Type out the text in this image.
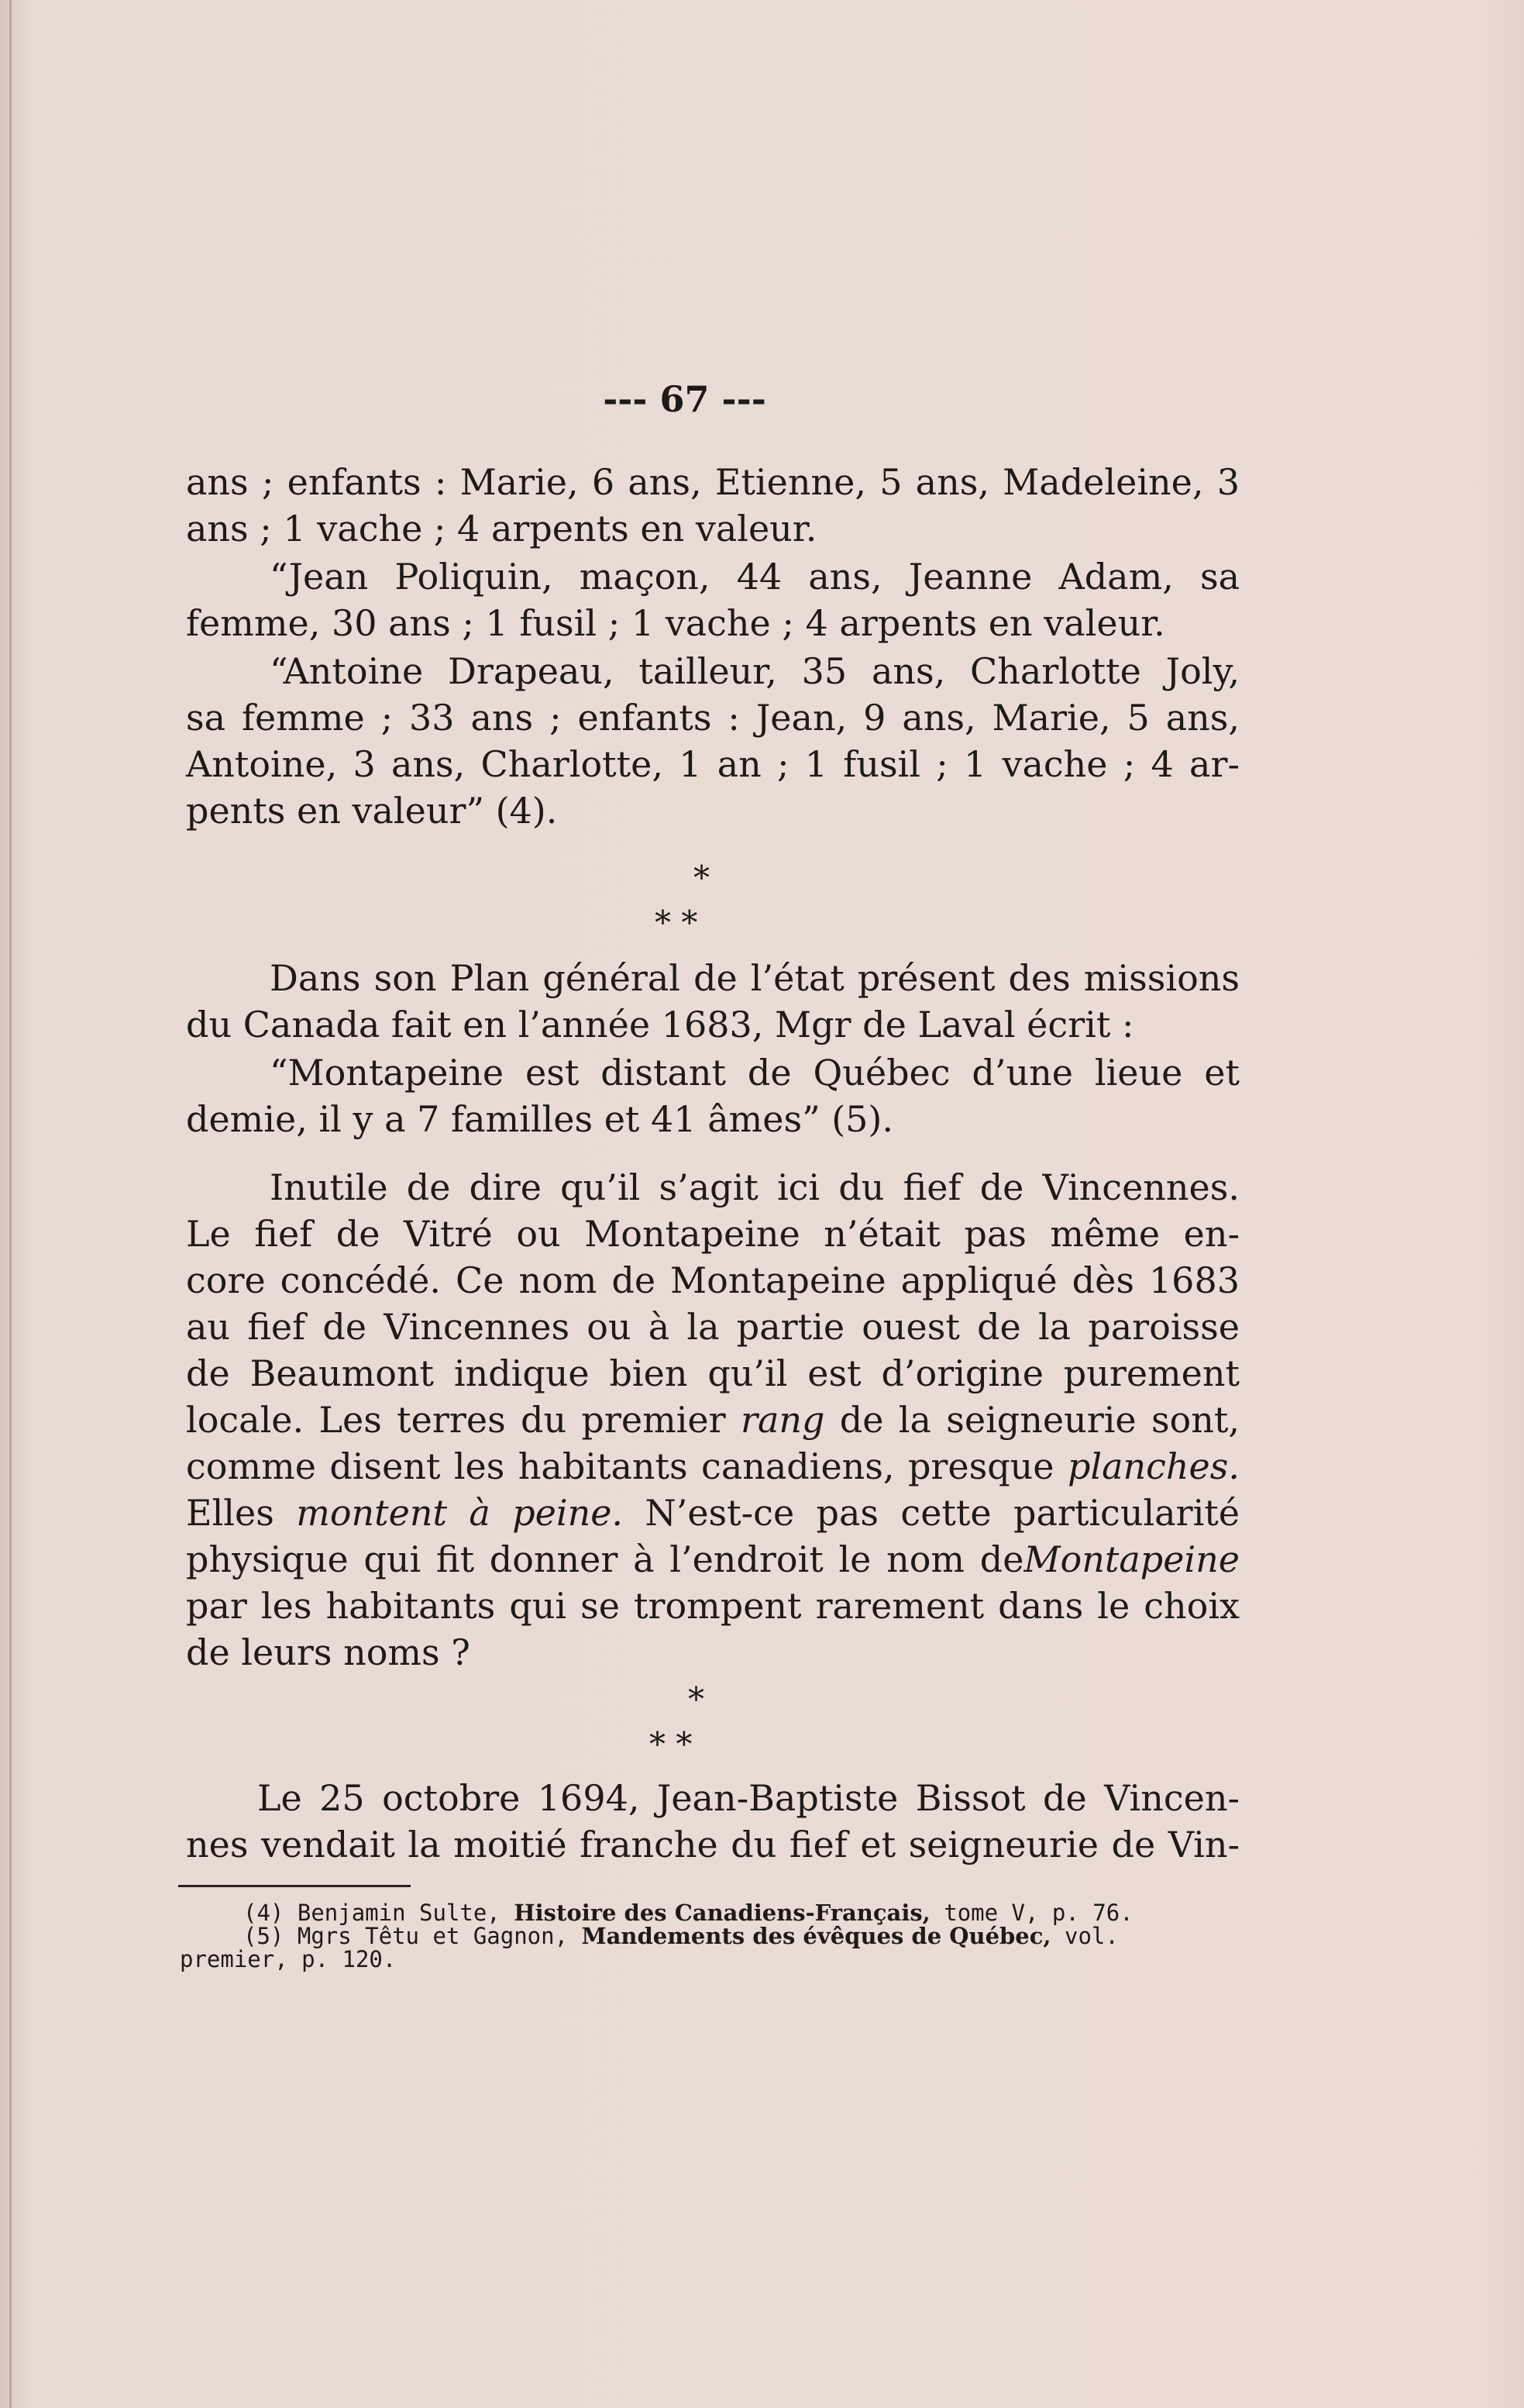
--- 67 ---
ans ; enfants : Marie, 6 ans, Etienne, 5 ans, Madeleine, 3
ans ; 1 vache ; 4 arpents en valeur.
“Jean Poliquin, maçon, 44 ans, Jeanne Adam, sa
femme, 30 ans ; 1 fusil ; 1 vache ; 4 arpents en valeur.
“Antoine Drapeau, tailleur, 35 ans, Charlotte Joly,
sa femme ; 33 ans ; enfants : Jean, 9 ans, Marie, 5 ans,
Antoine, 3 ans, Charlotte, 1 an ; 1 fusil ; 1 vache ; 4 ar-
pents en valeur” (4).
*
* *
Dans son Plan général de l’état présent des missions
du Canada fait en l’année 1683, Mgr de Laval écrit :
“Montapeine est distant de Québec d’une lieue et
demie, il y a 7 familles et 41 âmes” (5).
Inutile de dire qu’il s’agit ici du fief de Vincennes.
Le fief de Vitré ou Montapeine n’était pas même en-
core concédé. Ce nom de Montapeine appliqué dès 1683
au fief de Vincennes ou à la partie ouest de la paroisse
de Beaumont indique bien qu’il est d’origine purement
locale. Les terres du premier rang de la seigneurie sont,
comme disent les habitants canadiens, presque planches.
Elles montent à peine. N’est-ce pas cette particularité
physique qui fit donner à l’endroit le nom deMontapeine
par les habitants qui se trompent rarement dans le choix
de leurs noms ?
*
* *
Le 25 octobre 1694, Jean-Baptiste Bissot de Vincen-
nes vendait la moitié franche du fief et seigneurie de Vin-
(4) Benjamin Sulte, Histoire des Canadiens-Français, tome V, p. 76.
(5) Mgrs Têtu et Gagnon, Mandements des évêques de Québec, vol.
premier, p. 120.
